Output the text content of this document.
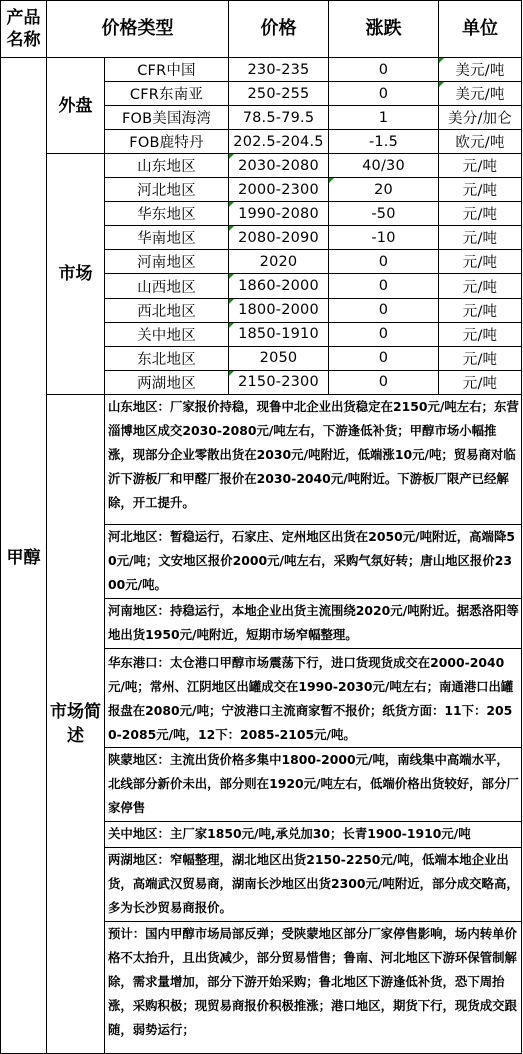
产品名称	价格类型		价格	涨跌	单位
甲醇	外盘	CFR中国	230-235	0	美元/吨
		CFR东南亚	250-255	0	美元/吨
		FOB美国海湾	78.5-79.5	1	美分/加仑
		FOB鹿特丹	202.5-204.5	-1.5	欧元/吨
	市场	山东地区	2030-2080	40/30	元/吨
		河北地区	2000-2300	20	元/吨
		华东地区	1990-2080	-50	元/吨
		华南地区	2080-2090	-10	元/吨
		河南地区	2020	0	元/吨
		山西地区	1860-2000	0	元/吨
		西北地区	1800-2000	0	元/吨
		关中地区	1850-1910	0	元/吨
		东北地区	2050	0	元/吨
		两湖地区	2150-2300	0	元/吨
	市场简述	山东地区：厂家报价持稳，现鲁中北企业出货稳定在2150元/吨左右；东营淄博地区成交2030-2080元/吨左右，下游逢低补货；甲醇市场小幅推涨，现部分企业零散出货在2030元/吨附近，低端涨10元/吨；贸易商对临沂下游板厂和甲醛厂报价在2030-2040元/吨附近。下游板厂限产已经解除，开工提升。			
		河北地区：暂稳运行，石家庄、定州地区出货在2050元/吨附近，高端降50元/吨；文安地区报价2000元/吨左右，采购气氛好转；唐山地区报价2300元/吨。			
		河南地区：持稳运行，本地企业出货主流围绕2020元/吨附近。据悉洛阳等地出货1950元/吨附近，短期市场窄幅整理。			
		华东港口：太仓港口甲醇市场震荡下行，进口货现货成交在2000-2040元/吨；常州、江阴地区出罐成交在1990-2030元/吨左右；南通港口出罐报盘在2080元/吨；宁波港口主流商家暂不报价；纸货方面：11下：2050-2085元/吨，12下：2085-2105元/吨。			
		陕蒙地区：主流出货价格多集中1800-2000元/吨，南线集中高端水平，北线部分新价未出，部分则在1920元/吨左右，低端价格出货较好，部分厂家停售			
		关中地区：主厂家1850元/吨,承兑加30；长青1900-1910元/吨			
		两湖地区：窄幅整理，湖北地区出货2150-2250元/吨，低端本地企业出货，高端武汉贸易商，湖南长沙地区出货2300元/吨附近，部分成交略高，多为长沙贸易商报价。			
		预计：国内甲醇市场局部反弹；受陕蒙地区部分厂家停售影响，场内转单价格不太抬升，且出货减少，部分贸易惜售；鲁南、河北地区下游环保管制解除，需求量增加，部分下游开始采购；鲁北地区下游逢低补货，恐下周抬涨，采购积极；现贸易商报价积极推涨；港口地区，期货下行，现货成交跟随，弱势运行；			
